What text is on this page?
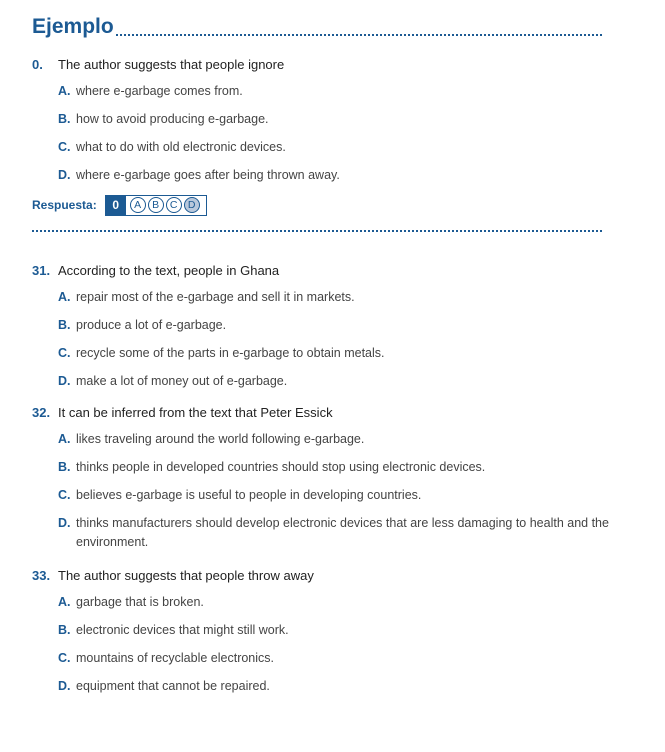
Ejemplo
0.	The author suggests that people ignore
A. where e-garbage comes from.
B. how to avoid producing e-garbage.
C. what to do with old electronic devices.
D. where e-garbage goes after being thrown away.
Respuesta:	0	A	B	C D
31. According to the text, people in Ghana
A. repair most of the e-garbage and sell it in markets.
B. produce a lot of e-garbage.
C. recycle some of the parts in e-garbage to obtain metals.
D. make a lot of money out of e-garbage.
32. It can be inferred from the text that Peter Essick
A. likes traveling around the world following e-garbage.
B. thinks people in developed countries should stop using electronic devices.
C. believes e-garbage is useful to people in developing countries.
D. thinks manufacturers should develop electronic devices that are less damaging to health and the environment.
33. The author suggests that people throw away
A. garbage that is broken.
B. electronic devices that might still work.
C. mountains of recyclable electronics.
D. equipment that cannot be repaired.
